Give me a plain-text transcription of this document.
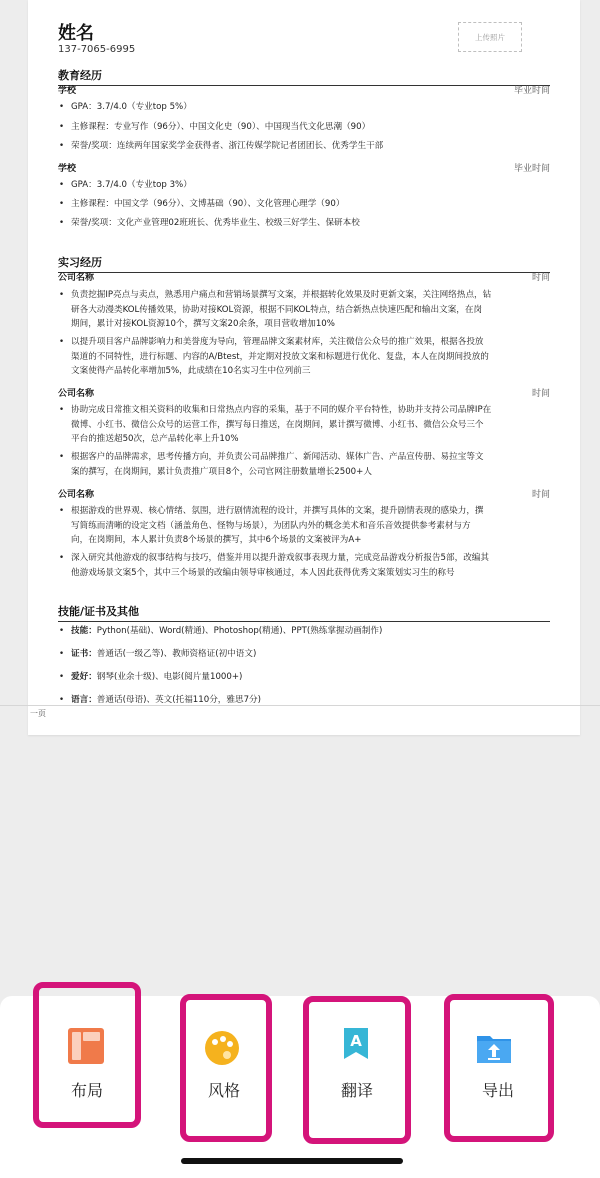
姓名
137-7065-6995
上传照片
教育经历
学校	毕业时间
• GPA：3.7/4.0（专业top 5%）
• 主修课程：专业写作（96分）、中国文化史（90）、中国现当代文化思潮（90）
• 荣誉/奖项：连续两年国家奖学金获得者、浙江传媒学院记者团团长、优秀学生干部
学校	毕业时间
• GPA：3.7/4.0（专业top 3%）
• 主修课程：中国文学（96分）、文博基础（90）、文化管理心理学（90）
• 荣誉/奖项：文化产业管理02班班长、优秀毕业生、校级三好学生、保研本校
实习经历
公司名称	时间
• 负责挖掘IP亮点与卖点，熟悉用户痛点和营销场景撰写文案，并根据转化效果及时更新文案，关注网络热点，钻
研各大动漫类KOL传播效果，协助对接KOL资源，根据不同KOL特点，结合新热点快速匹配和输出文案，在岗
期间，累计对接KOL资源10个，撰写文案20余条，项目营收增加10%
• 以提升项目客户品牌影响力和美誉度为导向，管理品牌文案素材库，关注微信公众号的推广效果，根据各投放
渠道的不同特性，进行标题、内容的A/Btest，并定期对投放文案和标题进行优化、复盘，本人在岗期间投放的
文案使得产品转化率增加5%，此成绩在10名实习生中位列前三
公司名称	时间
• 协助完成日常推文相关资料的收集和日常热点内容的采集，基于不同的媒介平台特性，协助并支持公司品牌IP在
微博、小红书、微信公众号的运营工作，撰写每日推送，在岗期间，累计撰写微博、小红书、微信公众号三个
平台的推送超50次，总产品转化率上升10%
• 根据客户的品牌需求，思考传播方向，并负责公司品牌推广、新闻活动、媒体广告、产品宣传册、易拉宝等文
案的撰写，在岗期间，累计负责推广项目8个，公司官网注册数量增长2500+人
公司名称	时间
• 根据游戏的世界观、核心情绪、氛围，进行剧情流程的设计，并撰写具体的文案，提升剧情表现的感染力，撰
写简练而清晰的设定文档（涵盖角色、怪物与场景），为团队内外的概念美术和音乐音效提供参考素材与方
向，在岗期间，本人累计负责8个场景的撰写，其中6个场景的文案被评为A+
• 深入研究其他游戏的叙事结构与技巧，借鉴并用以提升游戏叙事表现力量，完成竞品游戏分析报告5部，改编其
他游戏场景文案5个，其中三个场景的改编由领导审核通过，本人因此获得优秀文案策划实习生的称号
技能/证书及其他
• 技能：Python(基础)、Word(精通)、Photoshop(精通)、PPT(熟练掌握动画制作)
• 证书：普通话(一级乙等)、教师资格证(初中语文)
• 爱好：钢琴(业余十级)、电影(阅片量1000+)
• 语言：普通话(母语)、英文(托福110分，雅思7分)
一页
布局	风格
A
翻译	导出
